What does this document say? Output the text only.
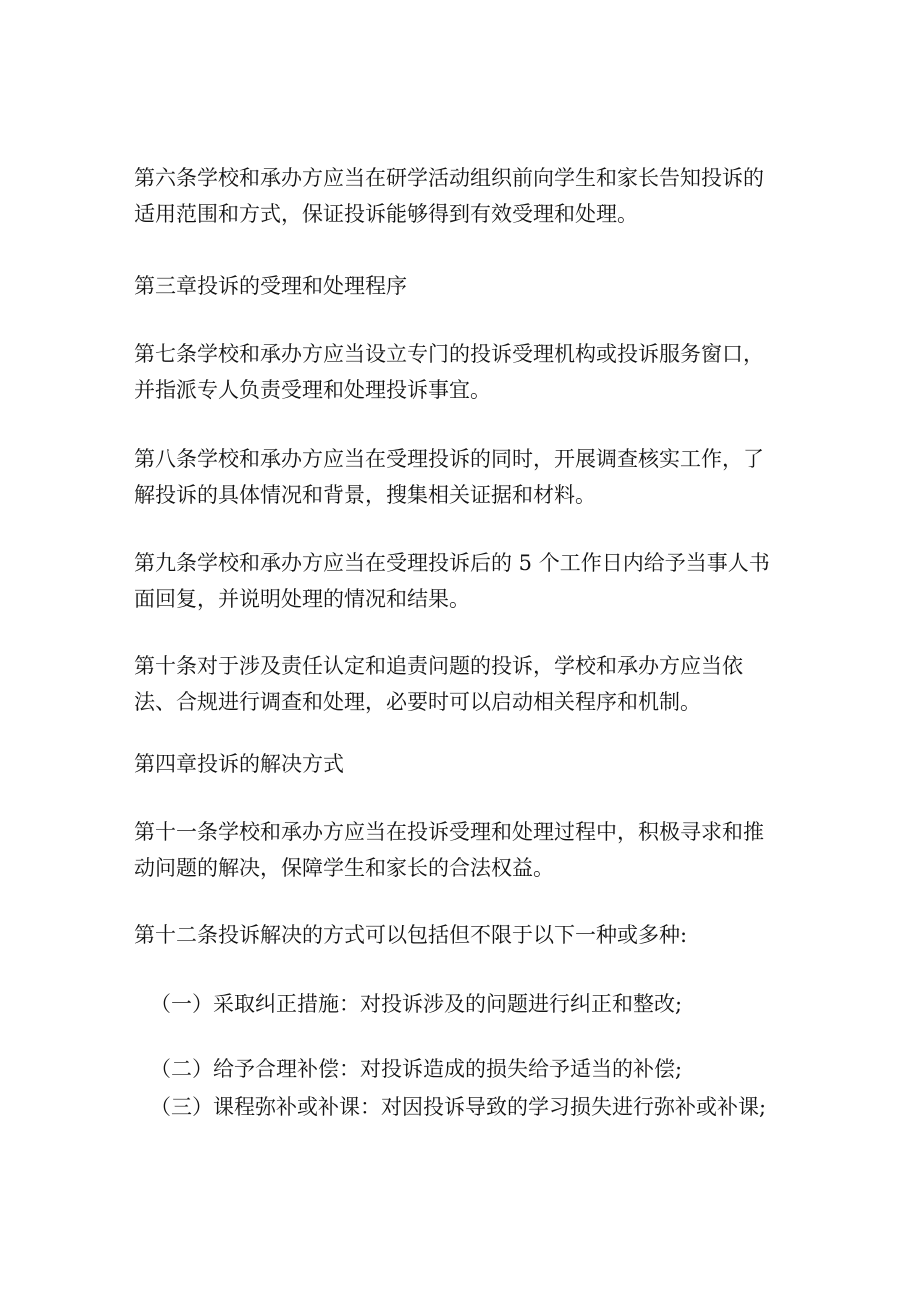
第六条学校和承办方应当在研学活动组织前向学生和家长告知投诉的
适用范围和方式，保证投诉能够得到有效受理和处理。

第三章投诉的受理和处理程序

第七条学校和承办方应当设立专门的投诉受理机构或投诉服务窗口，
并指派专人负责受理和处理投诉事宜。

第八条学校和承办方应当在受理投诉的同时，开展调查核实工作，了
解投诉的具体情况和背景，搜集相关证据和材料。

第九条学校和承办方应当在受理投诉后的 5 个工作日内给予当事人书
面回复，并说明处理的情况和结果。

第十条对于涉及责任认定和追责问题的投诉，学校和承办方应当依
法、合规进行调查和处理，必要时可以启动相关程序和机制。

第四章投诉的解决方式

第十一条学校和承办方应当在投诉受理和处理过程中，积极寻求和推
动问题的解决，保障学生和家长的合法权益。

第十二条投诉解决的方式可以包括但不限于以下一种或多种:

（一）采取纠正措施：对投诉涉及的问题进行纠正和整改;

（二）给予合理补偿：对投诉造成的损失给予适当的补偿;

（三）课程弥补或补课：对因投诉导致的学习损失进行弥补或补课;
